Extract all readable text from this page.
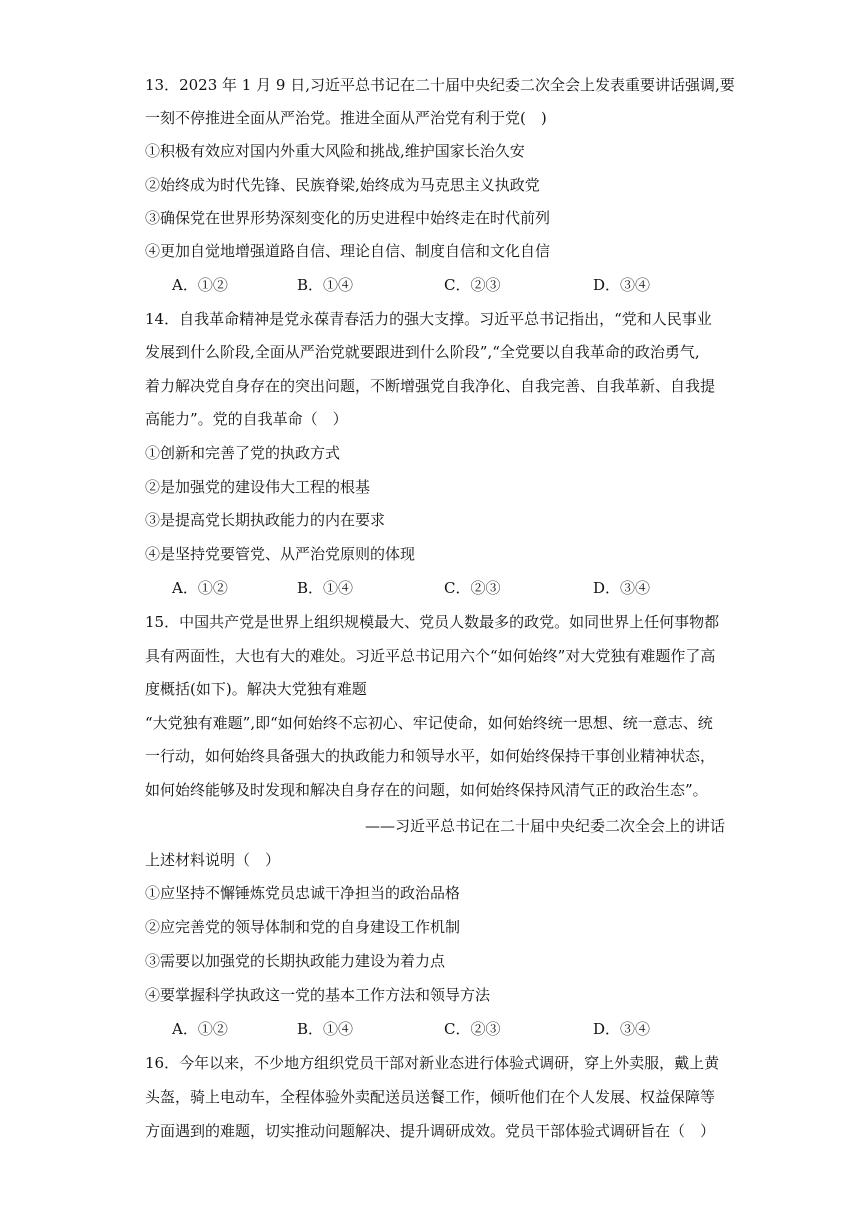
13．2023 年 1 月 9 日,习近平总书记在二十届中央纪委二次全会上发表重要讲话强调,要
一刻不停推进全面从严治党。推进全面从严治党有利于党(　)
①积极有效应对国内外重大风险和挑战,维护国家长治久安
②始终成为时代先锋、民族脊梁,始终成为马克思主义执政党
③确保党在世界形势深刻变化的历史进程中始终走在时代前列
④更加自觉地增强道路自信、理论自信、制度自信和文化自信
A．①②	B．①④	C．②③	D．③④
14．自我革命精神是党永葆青春活力的强大支撑。习近平总书记指出，“党和人民事业
发展到什么阶段,全面从严治党就要跟进到什么阶段”,“全党要以自我革命的政治勇气,
着力解决党自身存在的突出问题，不断增强党自我净化、自我完善、自我革新、自我提
高能力”。党的自我革命（　）
①创新和完善了党的执政方式
②是加强党的建设伟大工程的根基
③是提高党长期执政能力的内在要求
④是坚持党要管党、从严治党原则的体现
A．①②	B．①④	C．②③	D．③④
15．中国共产党是世界上组织规模最大、党员人数最多的政党。如同世界上任何事物都
具有两面性，大也有大的难处。习近平总书记用六个“如何始终”对大党独有难题作了高
度概括(如下)。解决大党独有难题
“大党独有难题”,即“如何始终不忘初心、牢记使命，如何始终统一思想、统一意志、统
一行动，如何始终具备强大的执政能力和领导水平，如何始终保持干事创业精神状态，
如何始终能够及时发现和解决自身存在的问题，如何始终保持风清气正的政治生态”。
——习近平总书记在二十届中央纪委二次全会上的讲话
上述材料说明（　）
①应坚持不懈锤炼党员忠诚干净担当的政治品格
②应完善党的领导体制和党的自身建设工作机制
③需要以加强党的长期执政能力建设为着力点
④要掌握科学执政这一党的基本工作方法和领导方法
A．①②	B．①④	C．②③	D．③④
16．今年以来，不少地方组织党员干部对新业态进行体验式调研，穿上外卖服，戴上黄
头盔，骑上电动车，全程体验外卖配送员送餐工作，倾听他们在个人发展、权益保障等
方面遇到的难题，切实推动问题解决、提升调研成效。党员干部体验式调研旨在（　）
